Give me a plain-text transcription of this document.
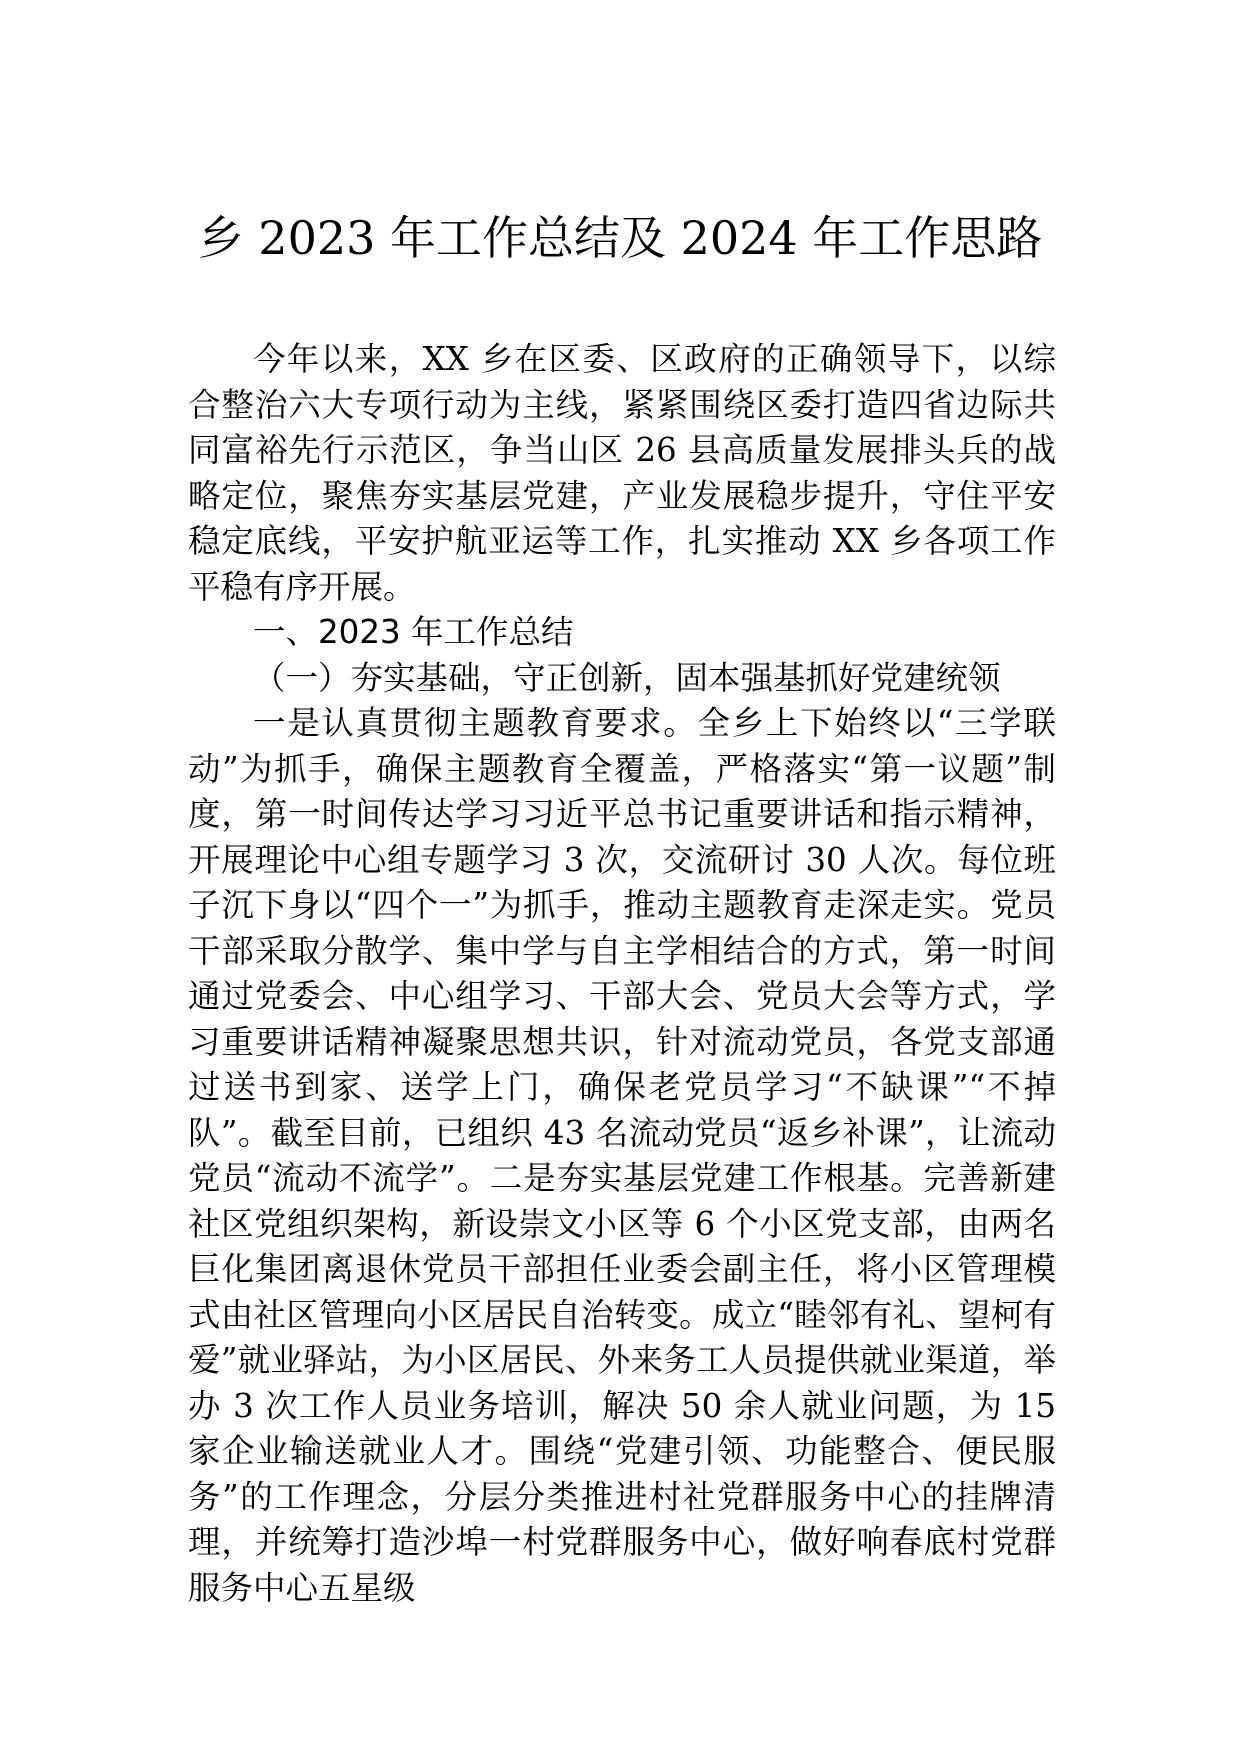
乡 2023 年工作总结及 2024 年工作思路

今年以来，XX 乡在区委、区政府的正确领导下，以综合整治六大专项行动为主线，紧紧围绕区委打造四省边际共同富裕先行示范区，争当山区 26 县高质量发展排头兵的战略定位，聚焦夯实基层党建，产业发展稳步提升，守住平安稳定底线，平安护航亚运等工作，扎实推动 XX 乡各项工作平稳有序开展。

一、2023 年工作总结

（一）夯实基础，守正创新，固本强基抓好党建统领

一是认真贯彻主题教育要求。全乡上下始终以“三学联动”为抓手，确保主题教育全覆盖，严格落实“第一议题”制度，第一时间传达学习习近平总书记重要讲话和指示精神，开展理论中心组专题学习 3 次，交流研讨 30 人次。每位班子沉下身以“四个一”为抓手，推动主题教育走深走实。党员干部采取分散学、集中学与自主学相结合的方式，第一时间通过党委会、中心组学习、干部大会、党员大会等方式，学习重要讲话精神凝聚思想共识，针对流动党员，各党支部通过送书到家、送学上门，确保老党员学习“不缺课”“不掉队”。截至目前，已组织 43 名流动党员“返乡补课”，让流动党员“流动不流学”。二是夯实基层党建工作根基。完善新建社区党组织架构，新设崇文小区等 6 个小区党支部，由两名巨化集团离退休党员干部担任业委会副主任，将小区管理模式由社区管理向小区居民自治转变。成立“睦邻有礼、望柯有爱”就业驿站，为小区居民、外来务工人员提供就业渠道，举办 3 次工作人员业务培训，解决 50 余人就业问题，为 15 家企业输送就业人才。围绕“党建引领、功能整合、便民服务”的工作理念，分层分类推进村社党群服务中心的挂牌清理，并统筹打造沙埠一村党群服务中心，做好响春底村党群服务中心五星级
